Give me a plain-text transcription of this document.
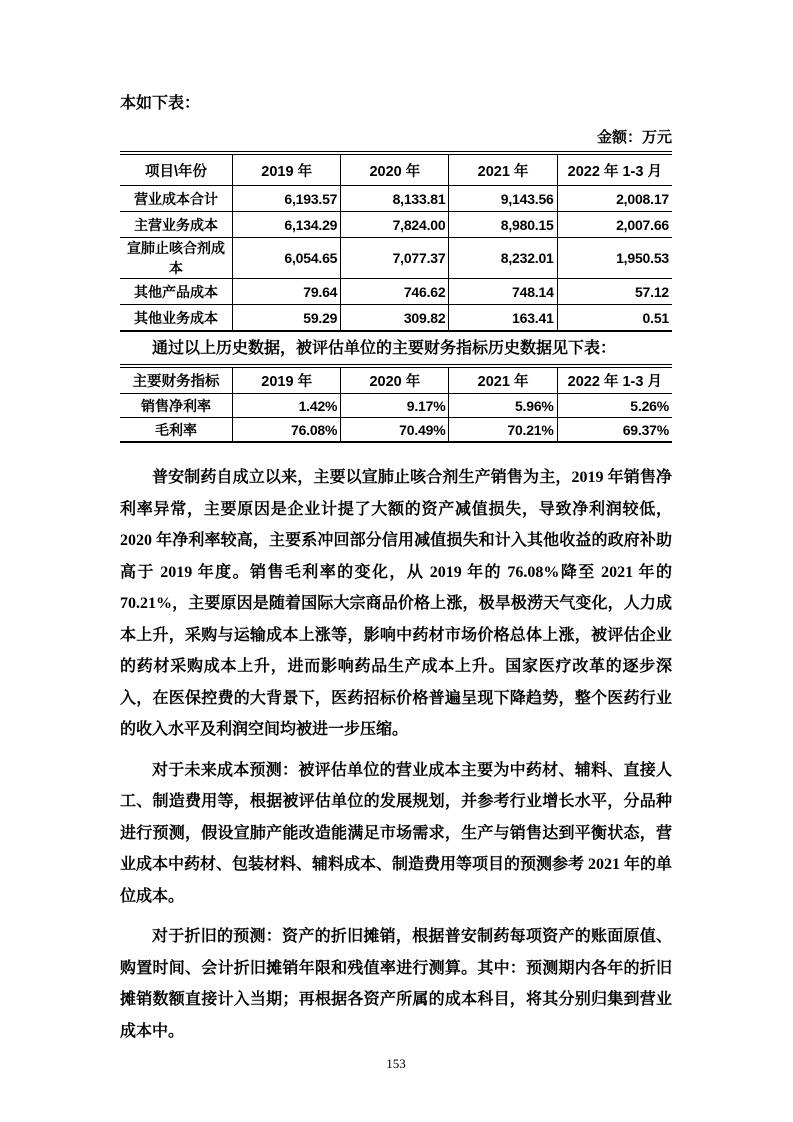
本如下表：
金额：万元
项目\年份	2019 年	2020 年	2021 年	2022 年 1-3 月
营业成本合计	6,193.57	8,133.81	9,143.56	2,008.17
主营业务成本	6,134.29	7,824.00	8,980.15	2,007.66
宣肺止咳合剂成本	6,054.65	7,077.37	8,232.01	1,950.53
其他产品成本	79.64	746.62	748.14	57.12
其他业务成本	59.29	309.82	163.41	0.51
通过以上历史数据，被评估单位的主要财务指标历史数据见下表：
主要财务指标	2019 年	2020 年	2021 年	2022 年 1-3 月
销售净利率	1.42%	9.17%	5.96%	5.26%
毛利率	76.08%	70.49%	70.21%	69.37%

普安制药自成立以来，主要以宣肺止咳合剂生产销售为主，2019 年销售净利率异常，主要原因是企业计提了大额的资产减值损失，导致净利润较低，2020 年净利率较高，主要系冲回部分信用减值损失和计入其他收益的政府补助高于 2019 年度。销售毛利率的变化，从 2019 年的 76.08%降至 2021 年的 70.21%，主要原因是随着国际大宗商品价格上涨，极旱极涝天气变化，人力成本上升，采购与运输成本上涨等，影响中药材市场价格总体上涨，被评估企业的药材采购成本上升，进而影响药品生产成本上升。国家医疗改革的逐步深入，在医保控费的大背景下，医药招标价格普遍呈现下降趋势，整个医药行业的收入水平及利润空间均被进一步压缩。

对于未来成本预测：被评估单位的营业成本主要为中药材、辅料、直接人工、制造费用等，根据被评估单位的发展规划，并参考行业增长水平，分品种进行预测，假设宣肺产能改造能满足市场需求，生产与销售达到平衡状态，营业成本中药材、包装材料、辅料成本、制造费用等项目的预测参考 2021 年的单位成本。

对于折旧的预测：资产的折旧摊销，根据普安制药每项资产的账面原值、购置时间、会计折旧摊销年限和残值率进行测算。其中：预测期内各年的折旧摊销数额直接计入当期；再根据各资产所属的成本科目，将其分别归集到营业成本中。

153
